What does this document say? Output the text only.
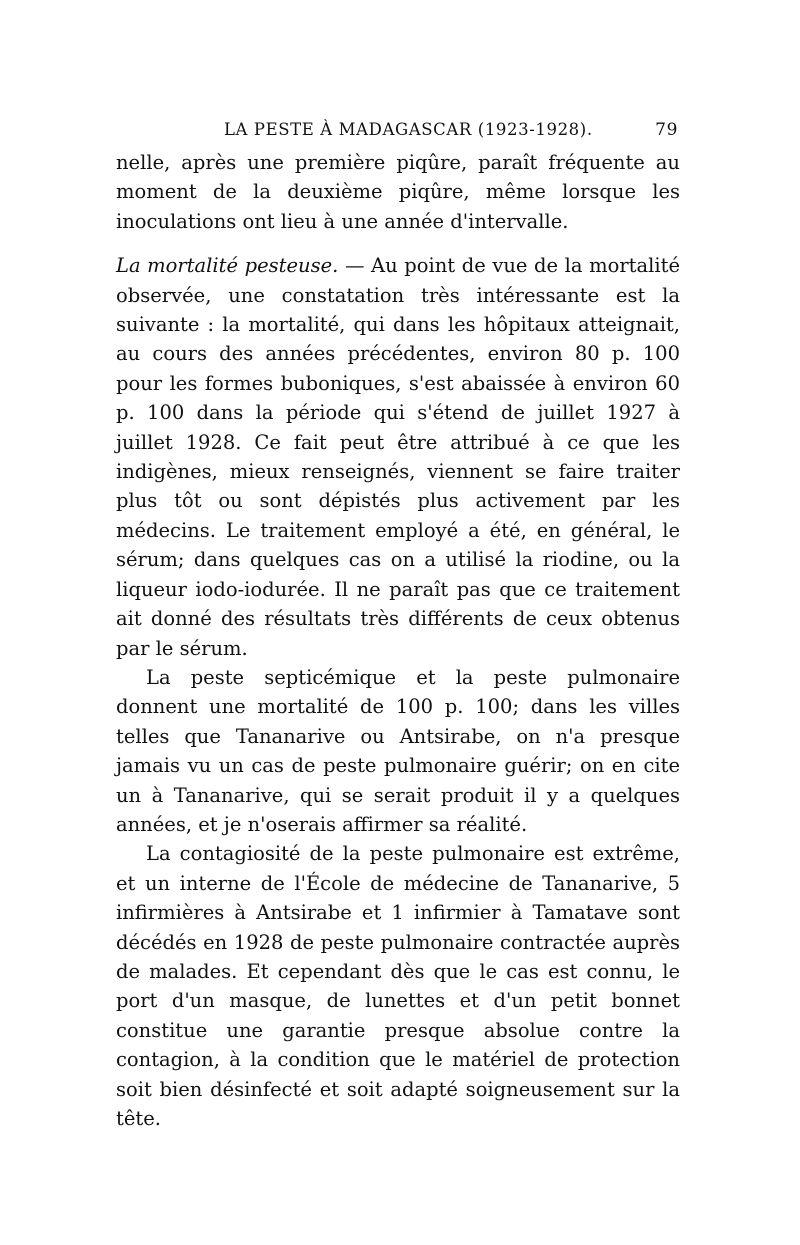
LA PESTE À MADAGASCAR (1923-1928).	79

nelle, après une première piqûre, paraît fréquente au moment de la deuxième piqûre, même lorsque les inoculations ont lieu à une année d'intervalle.

La mortalité pesteuse. — Au point de vue de la mortalité observée, une constatation très intéressante est la suivante : la mortalité, qui dans les hôpitaux atteignait, au cours des années précédentes, environ 80 p. 100 pour les formes buboniques, s'est abaissée à environ 60 p. 100 dans la période qui s'étend de juillet 1927 à juillet 1928. Ce fait peut être attribué à ce que les indigènes, mieux renseignés, viennent se faire traiter plus tôt ou sont dépistés plus activement par les médecins. Le traitement employé a été, en général, le sérum; dans quelques cas on a utilisé la riodine, ou la liqueur iodo-iodurée. Il ne paraît pas que ce traitement ait donné des résultats très différents de ceux obtenus par le sérum.

La peste septicémique et la peste pulmonaire donnent une mortalité de 100 p. 100; dans les villes telles que Tananarive ou Antsirabe, on n'a presque jamais vu un cas de peste pulmonaire guérir; on en cite un à Tananarive, qui se serait produit il y a quelques années, et je n'oserais affirmer sa réalité.

La contagiosité de la peste pulmonaire est extrême, et un interne de l'École de médecine de Tananarive, 5 infirmières à Antsirabe et 1 infirmier à Tamatave sont décédés en 1928 de peste pulmonaire contractée auprès de malades. Et cependant dès que le cas est connu, le port d'un masque, de lunettes et d'un petit bonnet constitue une garantie presque absolue contre la contagion, à la condition que le matériel de protection soit bien désinfecté et soit adapté soigneusement sur la tête.
